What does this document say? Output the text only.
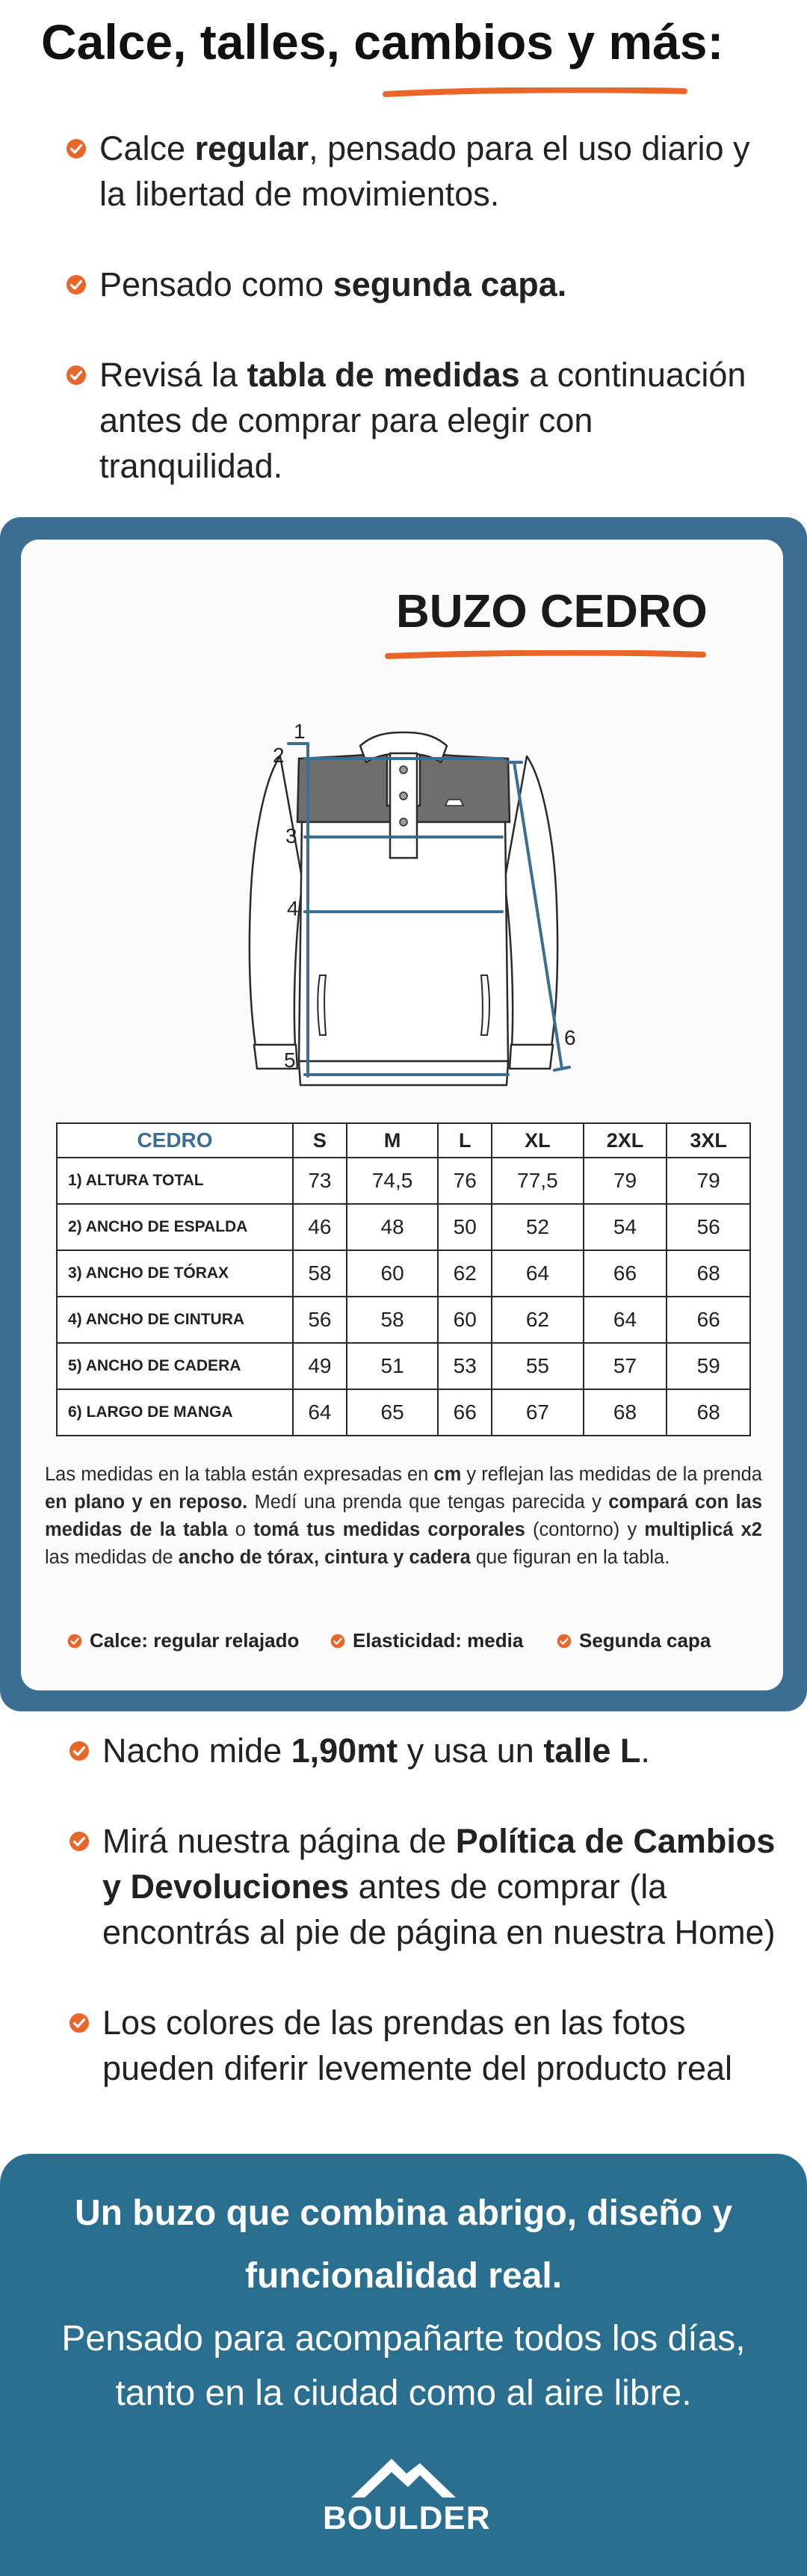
Calce, talles, cambios y más:
Calce regular, pensado para el uso diario y la libertad de movimientos.
Pensado como segunda capa.
Revisá la tabla de medidas a continuación antes de comprar para elegir con tranquilidad.
BUZO CEDRO
1
2
3
4
5
6
CEDRO	S	M	L	XL	2XL	3XL
1) ALTURA TOTAL	73	74,5	76	77,5	79	79
2) ANCHO DE ESPALDA	46	48	50	52	54	56
3) ANCHO DE TÓRAX	58	60	62	64	66	68
4) ANCHO DE CINTURA	56	58	60	62	64	66
5) ANCHO DE CADERA	49	51	53	55	57	59
6) LARGO DE MANGA	64	65	66	67	68	68
Las medidas en la tabla están expresadas en cm y reflejan las medidas de la prenda en plano y en reposo. Medí una prenda que tengas parecida y compará con las medidas de la tabla o tomá tus medidas corporales (contorno) y multiplicá x2 las medidas de ancho de tórax, cintura y cadera que figuran en la tabla.
Calce: regular relajado	Elasticidad: media	Segunda capa
Nacho mide 1,90mt y usa un talle L.
Mirá nuestra página de Política de Cambios y Devoluciones antes de comprar (la encontrás al pie de página en nuestra Home)
Los colores de las prendas en las fotos pueden diferir levemente del producto real
Un buzo que combina abrigo, diseño y funcionalidad real.
Pensado para acompañarte todos los días, tanto en la ciudad como al aire libre.
BOULDER
